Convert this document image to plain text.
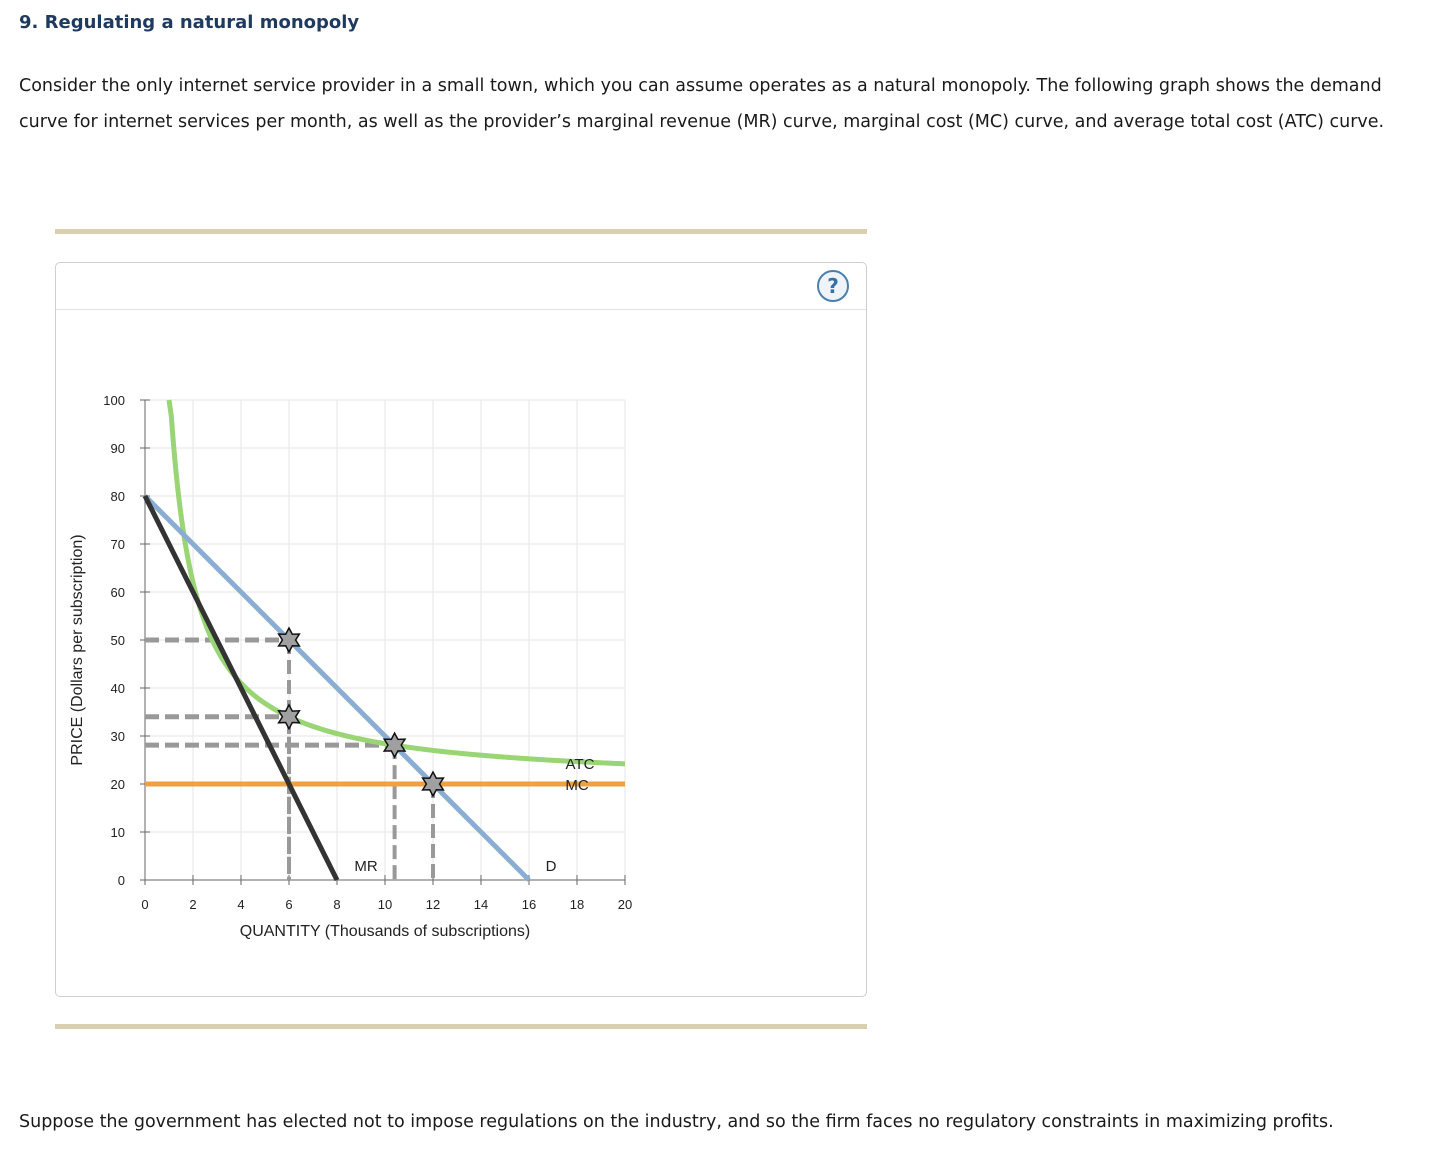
9. Regulating a natural monopoly

Consider the only internet service provider in a small town, which you can assume operates as a natural monopoly. The following graph shows the demand curve for internet services per month, as well as the provider’s marginal revenue (MR) curve, marginal cost (MC) curve, and average total cost (ATC) curve.

?
0
10
20
30
40
50
60
70
80
90
100
0	2	4	6	8	10	12	14	16	18	20
QUANTITY (Thousands of subscriptions)
PRICE (Dollars per subscription)
MC
ATC
D
MR

Suppose the government has elected not to impose regulations on the industry, and so the firm faces no regulatory constraints in maximizing profits.
